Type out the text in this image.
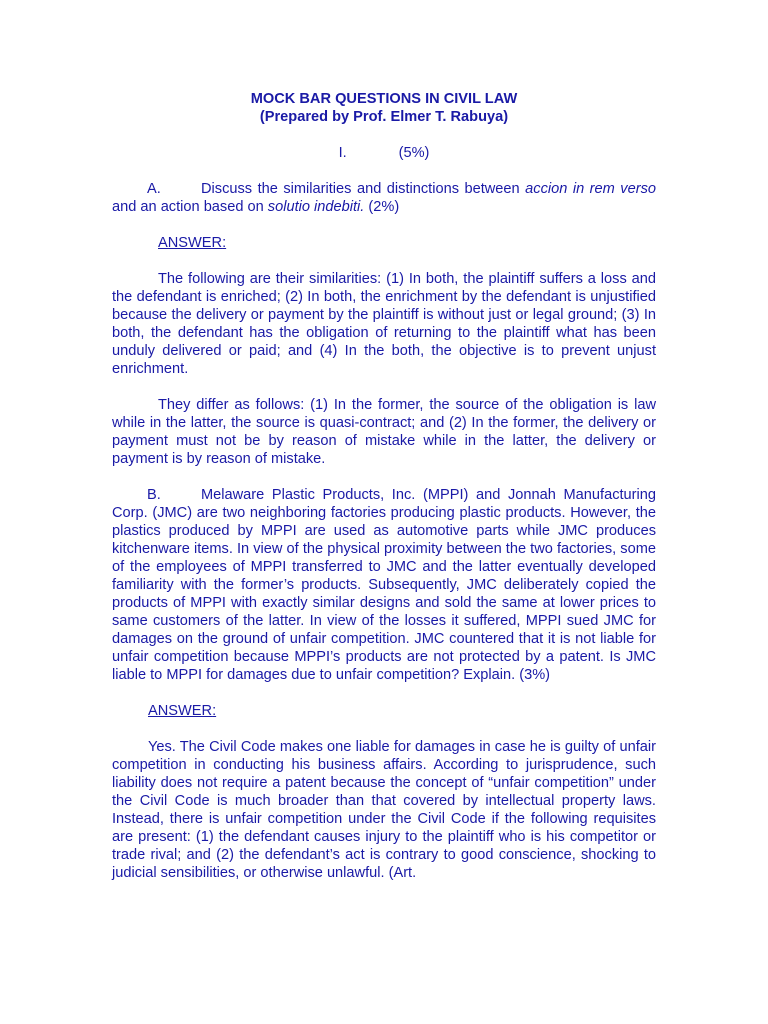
MOCK BAR QUESTIONS IN CIVIL LAW
(Prepared by Prof. Elmer T. Rabuya)
I.	(5%)
A.	Discuss the similarities and distinctions between accion in rem verso and an action based on solutio indebiti. (2%)
ANSWER:

The following are their similarities: (1) In both, the plaintiff suffers a loss and the defendant is enriched; (2) In both, the enrichment by the defendant is unjustified because the delivery or payment by the plaintiff is without just or legal ground; (3) In both, the defendant has the obligation of returning to the plaintiff what has been unduly delivered or paid; and (4) In the both, the objective is to prevent unjust enrichment.

They differ as follows: (1) In the former, the source of the obligation is law while in the latter, the source is quasi-contract; and (2) In the former, the delivery or payment must not be by reason of mistake while in the latter, the delivery or payment is by reason of mistake.

B.	Melaware Plastic Products, Inc. (MPPI) and Jonnah Manufacturing Corp. (JMC) are two neighboring factories producing plastic products. However, the plastics produced by MPPI are used as automotive parts while JMC produces kitchenware items. In view of the physical proximity between the two factories, some of the employees of MPPI transferred to JMC and the latter eventually developed familiarity with the former’s products. Subsequently, JMC deliberately copied the products of MPPI with exactly similar designs and sold the same at lower prices to same customers of the latter. In view of the losses it suffered, MPPI sued JMC for damages on the ground of unfair competition. JMC countered that it is not liable for unfair competition because MPPI’s products are not protected by a patent. Is JMC liable to MPPI for damages due to unfair competition? Explain. (3%)
ANSWER:

Yes. The Civil Code makes one liable for damages in case he is guilty of unfair competition in conducting his business affairs. According to jurisprudence, such liability does not require a patent because the concept of “unfair competition” under the Civil Code is much broader than that covered by intellectual property laws. Instead, there is unfair competition under the Civil Code if the following requisites are present: (1) the defendant causes injury to the plaintiff who is his competitor or trade rival; and (2) the defendant’s act is contrary to good conscience, shocking to judicial sensibilities, or otherwise unlawful. (Art.
